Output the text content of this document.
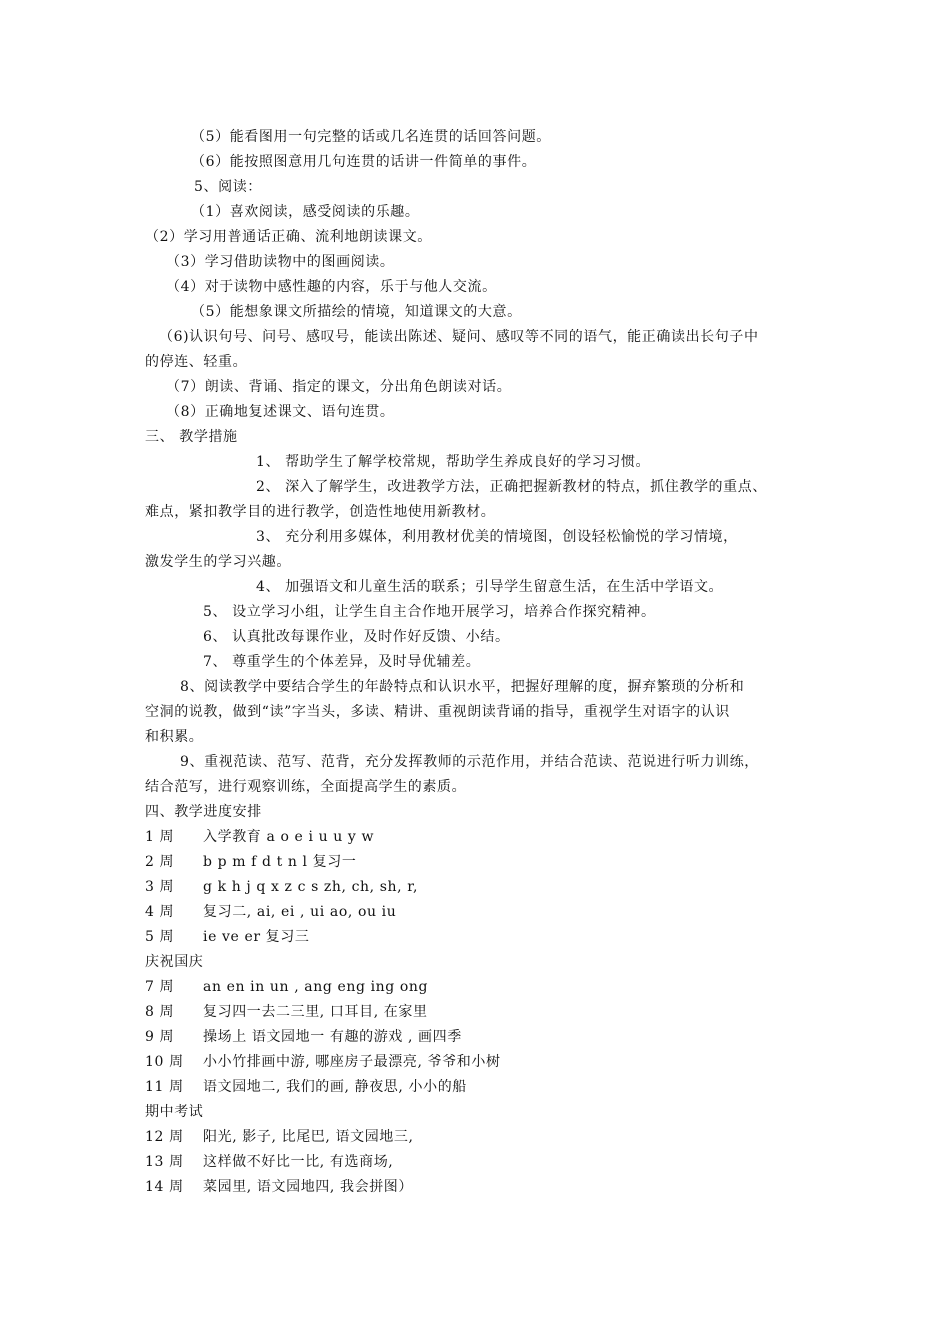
（5）能看图用一句完整的话或几名连贯的话回答问题。
（6）能按照图意用几句连贯的话讲一件简单的事件。
5、阅读：
（1）喜欢阅读，感受阅读的乐趣。
（2）学习用普通话正确、流利地朗读课文。
（3）学习借助读物中的图画阅读。
（4）对于读物中感性趣的内容，乐于与他人交流。
（5）能想象课文所描绘的情境，知道课文的大意。
（6)认识句号、问号、感叹号，能读出陈述、疑问、感叹等不同的语气，能正确读出长句子中
的停连、轻重。
（7）朗读、背诵、指定的课文，分出角色朗读对话。
（8）正确地复述课文、语句连贯。
三、 教学措施
1、 帮助学生了解学校常规，帮助学生养成良好的学习习惯。
2、 深入了解学生，改进教学方法，正确把握新教材的特点，抓住教学的重点、
难点，紧扣教学目的进行教学，创造性地使用新教材。
3、 充分利用多媒体，利用教材优美的情境图，创设轻松愉悦的学习情境，
激发学生的学习兴趣。
4、 加强语文和儿童生活的联系；引导学生留意生活，在生活中学语文。
5、 设立学习小组，让学生自主合作地开展学习，培养合作探究精神。
6、 认真批改每课作业，及时作好反馈、小结。
7、 尊重学生的个体差异，及时导优辅差。
8、阅读教学中要结合学生的年龄特点和认识水平，把握好理解的度，摒弃繁琐的分析和
空洞的说教，做到“读”字当头，多读、精讲、重视朗读背诵的指导，重视学生对语字的认识
和积累。
9、重视范读、范写、范背，充分发挥教师的示范作用，并结合范读、范说进行听力训练，
结合范写，进行观察训练，全面提高学生的素质。
四、教学进度安排
1 周 入学教育 a o e i u u y w
2 周 b p m f d t n l 复习一
3 周 g k h j q x z c s zh, ch, sh, r,
4 周 复习二, ai, ei , ui ao, ou iu
5 周 ie ve er 复习三
庆祝国庆
7 周 an en in un , ang eng ing ong
8 周 复习四一去二三里, 口耳目, 在家里
9 周 操场上 语文园地一 有趣的游戏 , 画四季
10 周 小小竹排画中游, 哪座房子最漂亮, 爷爷和小树
11 周 语文园地二, 我们的画, 静夜思, 小小的船
期中考试
12 周 阳光, 影子, 比尾巴, 语文园地三,
13 周 这样做不好比一比, 有选商场,
14 周 菜园里, 语文园地四, 我会拼图）
